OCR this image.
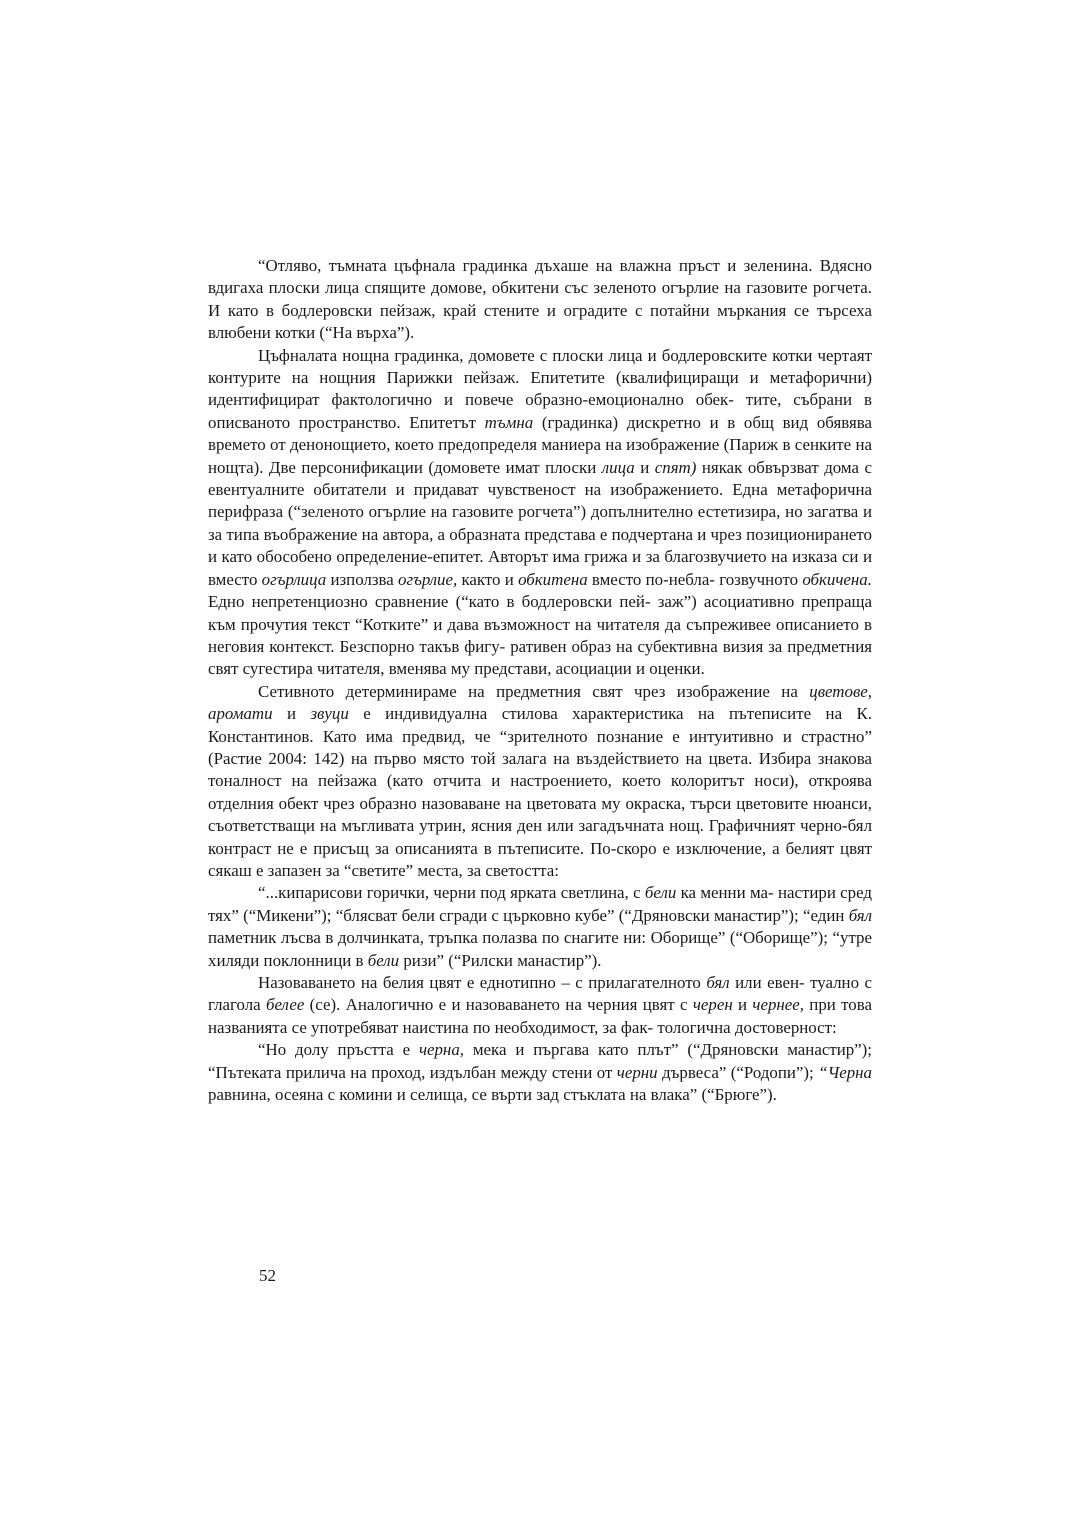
“Отляво, тъмната цъфнала градинка дъхаше на влажна пръст и зеленина. Вдясно вдигаха плоски лица спящите домове, обкитени със зеленото огърлие на газовите рогчета. И като в бодлеровски пейзаж, край стените и оградите с потайни мъркания се търсеха влюбени котки (“На върха”).

Цъфналата нощна градинка, домовете с плоски лица и бодлеровските котки чертаят контурите на нощния Парижки пейзаж. Епитетите (квалифициращи и метафорични) идентифицират фактологично и повече образно-емоционално обек- тите, събрани в описваното пространство. Епитетът тъмна (градинка) дискретно и в общ вид обявява времето от денонощието, което предопределя маниера на изображение (Париж в сенките на нощта). Две персонификации (домовете имат плоски лица и спят) някак обвързват дома с евентуалните обитатели и придават чувственост на изображението. Една метафорична перифраза (“зеленото огърлие на газовите рогчета”) допълнително естетизира, но загатва и за типа въображение на автора, а образната представа е подчертана и чрез позиционирането и като обособено определение-епитет. Авторът има грижа и за благозвучието на изказа си и вместо огърлица използва огърлие, както и обкитена вместо по-небла- гозвучното обкичена. Едно непретенциозно сравнение (“като в бодлеровски пей- заж”) асоциативно препраща към прочутия текст “Котките” и дава възможност на читателя да съпреживее описанието в неговия контекст. Безспорно такъв фигу- ративен образ на субективна визия за предметния свят сугестира читателя, вменява му представи, асоциации и оценки.

Сетивното детерминираме на предметния свят чрез изображение на цветове, аромати и звуци е индивидуална стилова характеристика на пътеписите на К. Константинов. Като има предвид, че “зрителното познание е интуитивно и страстно” (Растие 2004: 142) на първо място той залага на въздействието на цвета. Избира знакова тоналност на пейзажа (като отчита и настроението, което колоритът носи), откроява отделния обект чрез образно назоваване на цветовата му окраска, търси цветовите нюанси, съответстващи на мъгливата утрин, ясния ден или загадъчната нощ. Графичният черно-бял контраст не е присъщ за описанията в пътеписите. По-скоро е изключение, а белият цвят сякаш е запазен за “светите” места, за светостта:

“...кипарисови горички, черни под ярката светлина, с бели ка менни ма- настири сред тях” (“Микени”); “блясват бели сгради с църковно кубе” (“Дряновски манастир”); “един бял паметник лъсва в долчинката, тръпка полазва по снагите ни: Оборище” (“Оборище”); “утре хиляди поклонници в бели ризи” (“Рилски манастир”).

Назоваването на белия цвят е еднотипно – с прилагателното бял или евен- туално с глагола белее (се). Аналогично е и назоваването на черния цвят с черен и чернее, при това названията се употребяват наистина по необходимост, за фак- тологична достоверност:

“Но долу пръстта е черна, мека и пъргава като плът” (“Дряновски манастир”); “Пътеката прилича на проход, издълбан между стени от черни дървеса” (“Родопи”); “Черна равнина, осеяна с комини и селища, се върти зад стъклата на влака” (“Брюге”).

52
